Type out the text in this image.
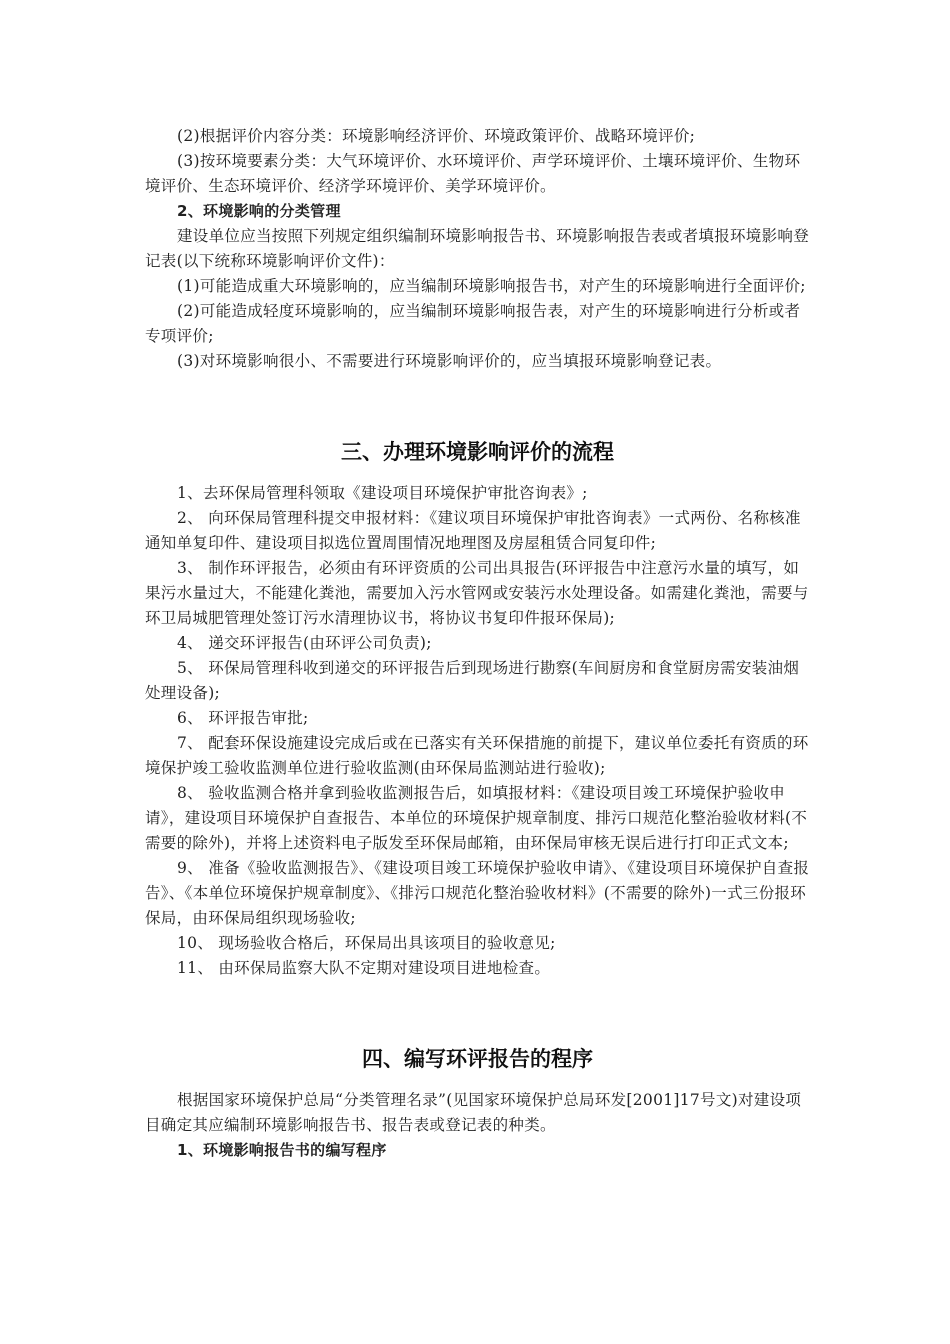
(2)根据评价内容分类：环境影响经济评价、环境政策评价、战略环境评价;

(3)按环境要素分类：大气环境评价、水环境评价、声学环境评价、土壤环境评价、生物环境评价、生态环境评价、经济学环境评价、美学环境评价。

2、环境影响的分类管理

建设单位应当按照下列规定组织编制环境影响报告书、环境影响报告表或者填报环境影响登记表(以下统称环境影响评价文件)：

(1)可能造成重大环境影响的，应当编制环境影响报告书，对产生的环境影响进行全面评价;

(2)可能造成轻度环境影响的，应当编制环境影响报告表，对产生的环境影响进行分析或者专项评价;

(3)对环境影响很小、不需要进行环境影响评价的，应当填报环境影响登记表。

三、办理环境影响评价的流程

1、去环保局管理科领取《建设项目环境保护审批咨询表》;

2、 向环保局管理科提交申报材料：《建议项目环境保护审批咨询表》一式两份、名称核准通知单复印件、建设项目拟选位置周围情况地理图及房屋租赁合同复印件;

3、 制作环评报告，必须由有环评资质的公司出具报告(环评报告中注意污水量的填写，如果污水量过大，不能建化粪池，需要加入污水管网或安装污水处理设备。如需建化粪池，需要与环卫局城肥管理处签订污水清理协议书，将协议书复印件报环保局);

4、 递交环评报告(由环评公司负责);

5、 环保局管理科收到递交的环评报告后到现场进行勘察(车间厨房和食堂厨房需安装油烟处理设备);

6、 环评报告审批;

7、 配套环保设施建设完成后或在已落实有关环保措施的前提下，建议单位委托有资质的环境保护竣工验收监测单位进行验收监测(由环保局监测站进行验收);

8、 验收监测合格并拿到验收监测报告后，如填报材料：《建设项目竣工环境保护验收申请》，建设项目环境保护自查报告、本单位的环境保护规章制度、排污口规范化整治验收材料(不需要的除外)，并将上述资料电子版发至环保局邮箱，由环保局审核无误后进行打印正式文本;

9、 准备《验收监测报告》、《建设项目竣工环境保护验收申请》、《建设项目环境保护自查报告》、《本单位环境保护规章制度》、《排污口规范化整治验收材料》(不需要的除外)一式三份报环保局，由环保局组织现场验收;

10、 现场验收合格后，环保局出具该项目的验收意见;

11、 由环保局监察大队不定期对建设项目进地检查。

四、编写环评报告的程序

根据国家环境保护总局“分类管理名录”(见国家环境保护总局环发[2001]17号文)对建设项目确定其应编制环境影响报告书、报告表或登记表的种类。

1、环境影响报告书的编写程序
